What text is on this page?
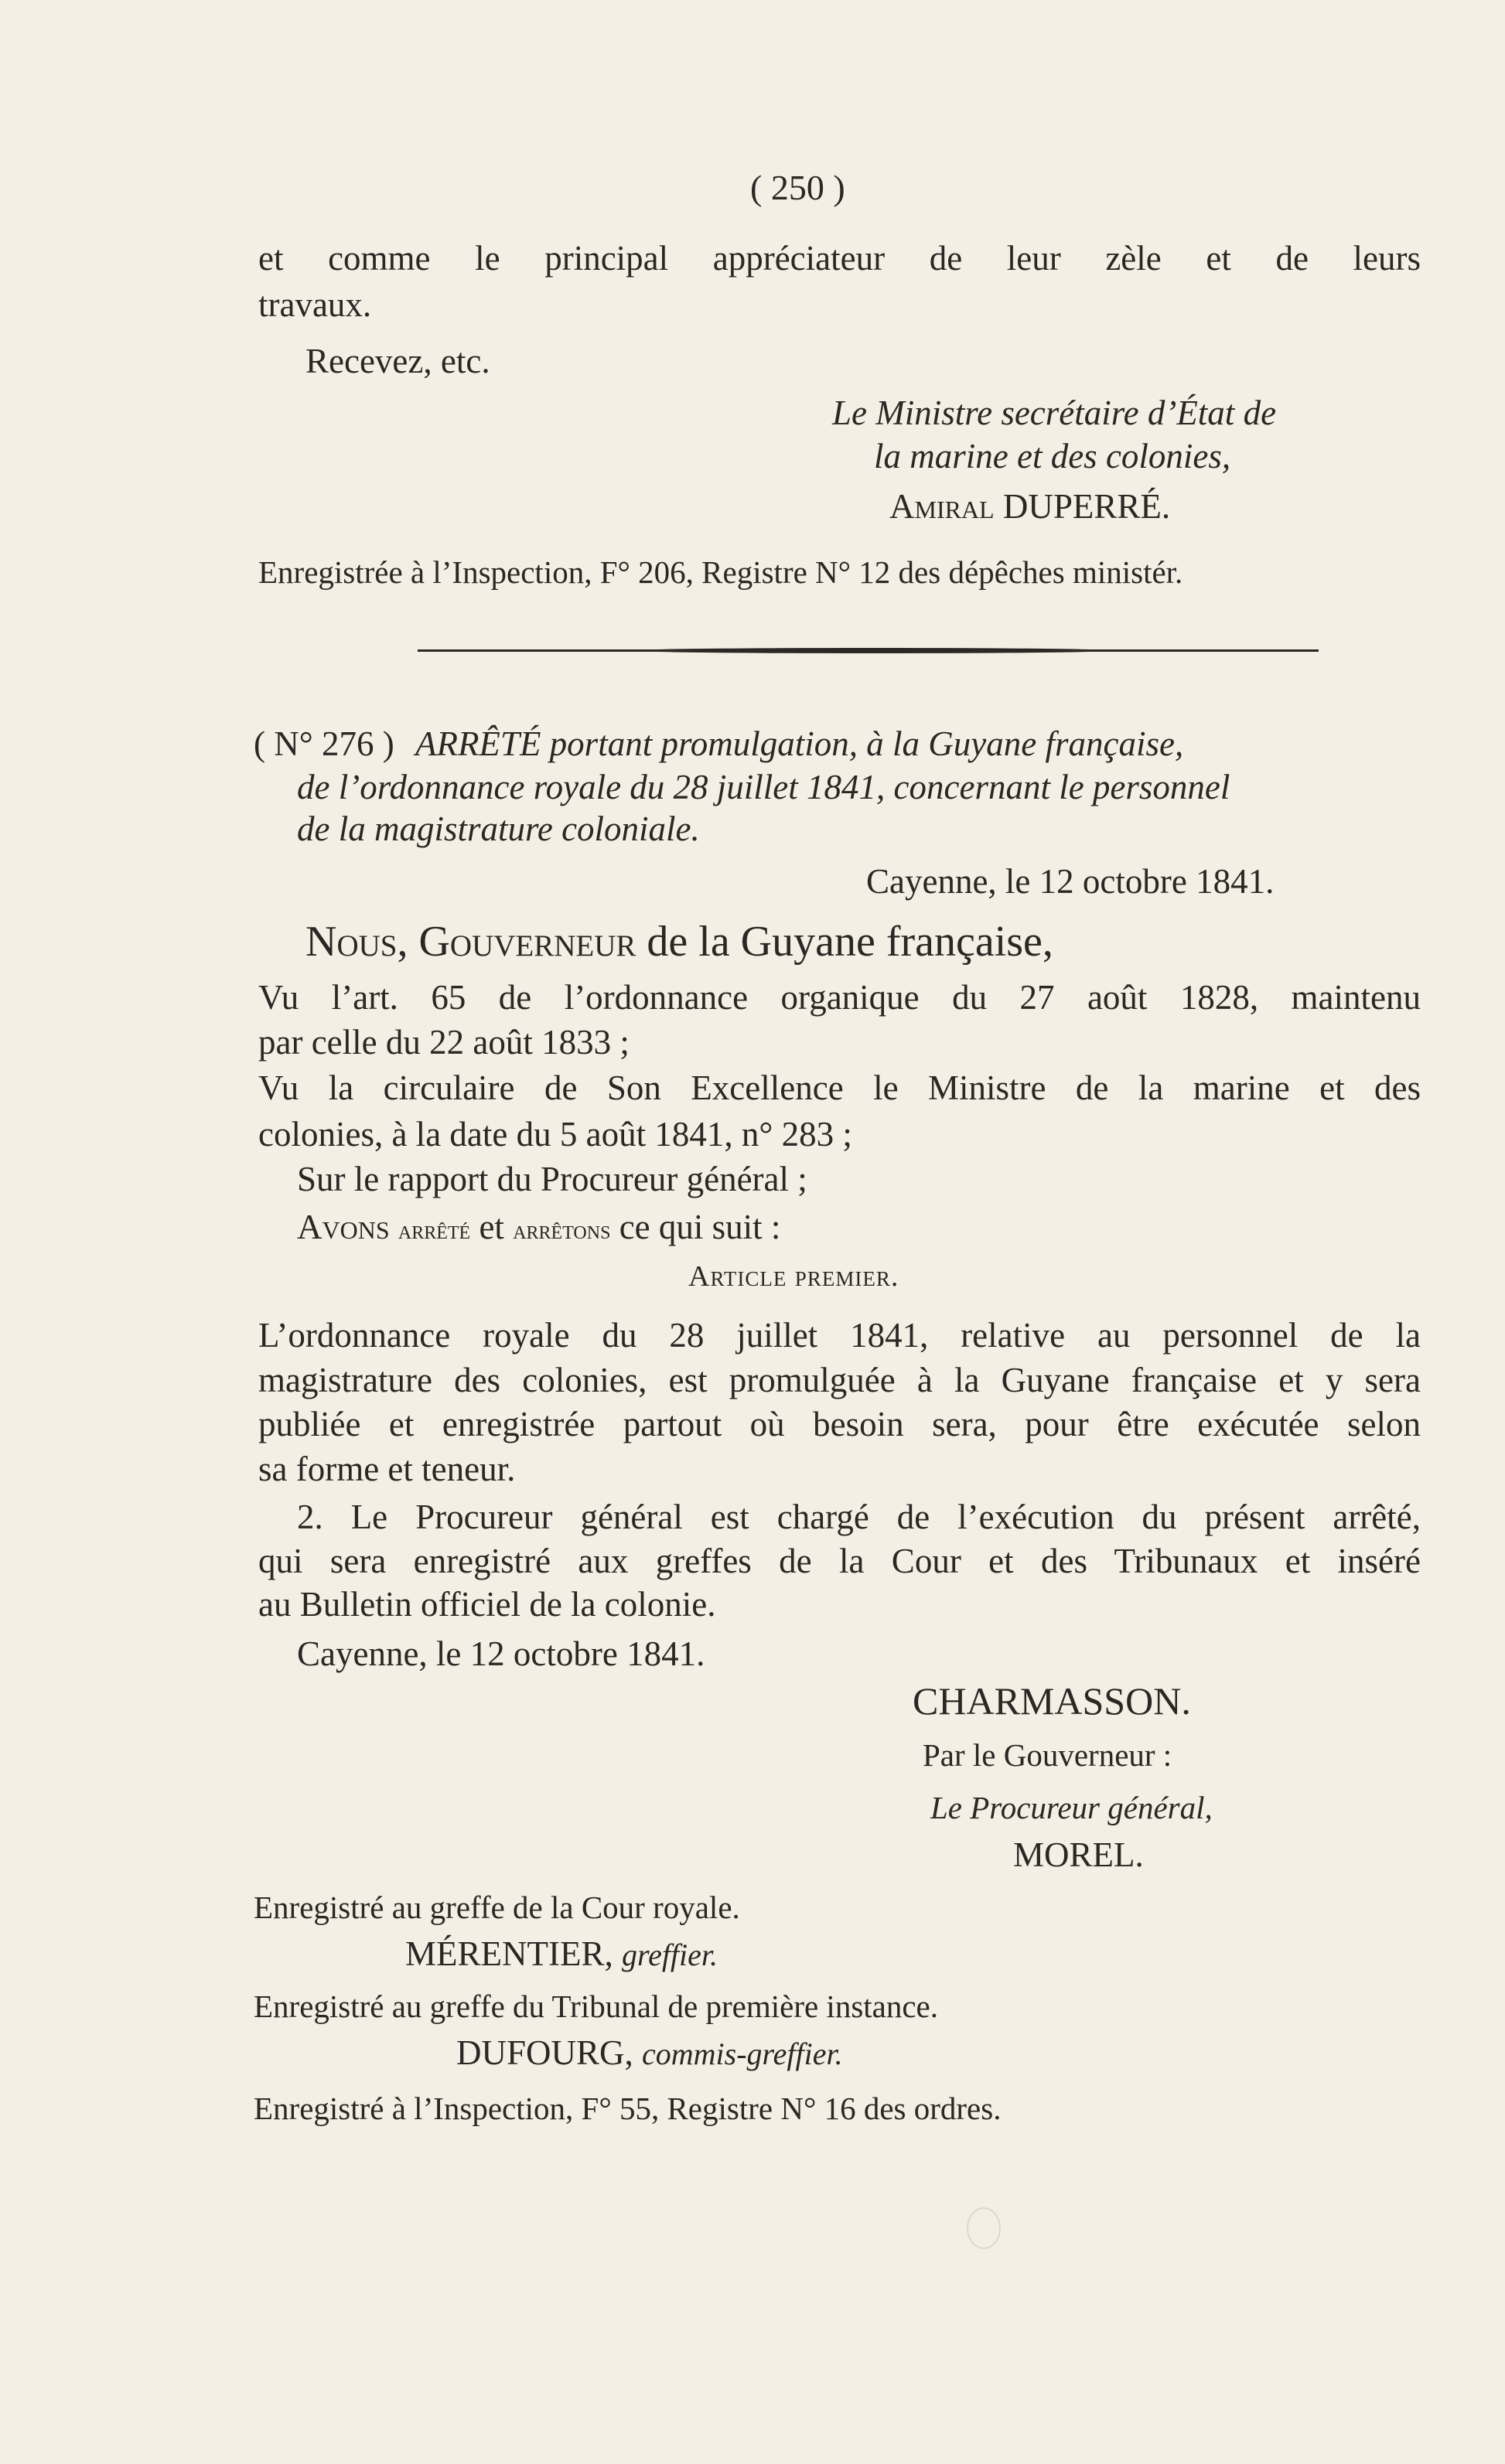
( 250 )
et comme le principal appréciateur de leur zèle et de leurs
travaux.
Recevez, etc.
Le Ministre secrétaire d’État de
la marine et des colonies,
Amiral DUPERRÉ.
Enregistrée à l’Inspection, F° 206, Registre N° 12 des dépêches ministér.
( N° 276 ) ARRÊTÉ portant promulgation, à la Guyane française,
de l’ordonnance royale du 28 juillet 1841, concernant le personnel
de la magistrature coloniale.
Cayenne, le 12 octobre 1841.
Nous, Gouverneur de la Guyane française,
Vu l’art. 65 de l’ordonnance organique du 27 août 1828, maintenu
par celle du 22 août 1833 ;
Vu la circulaire de Son Excellence le Ministre de la marine et des
colonies, à la date du 5 août 1841, n° 283 ;
Sur le rapport du Procureur général ;
Avons arrêté et arrêtons ce qui suit :
Article premier.
L’ordonnance royale du 28 juillet 1841, relative au personnel de la
magistrature des colonies, est promulguée à la Guyane française et y sera
publiée et enregistrée partout où besoin sera, pour être exécutée selon
sa forme et teneur.
2. Le Procureur général est chargé de l’exécution du présent arrêté,
qui sera enregistré aux greffes de la Cour et des Tribunaux et inséré
au Bulletin officiel de la colonie.
Cayenne, le 12 octobre 1841.
CHARMASSON.
Par le Gouverneur :
Le Procureur général,
MOREL.
Enregistré au greffe de la Cour royale.
MÉRENTIER, greffier.
Enregistré au greffe du Tribunal de première instance.
DUFOURG, commis-greffier.
Enregistré à l’Inspection, F° 55, Registre N° 16 des ordres.
